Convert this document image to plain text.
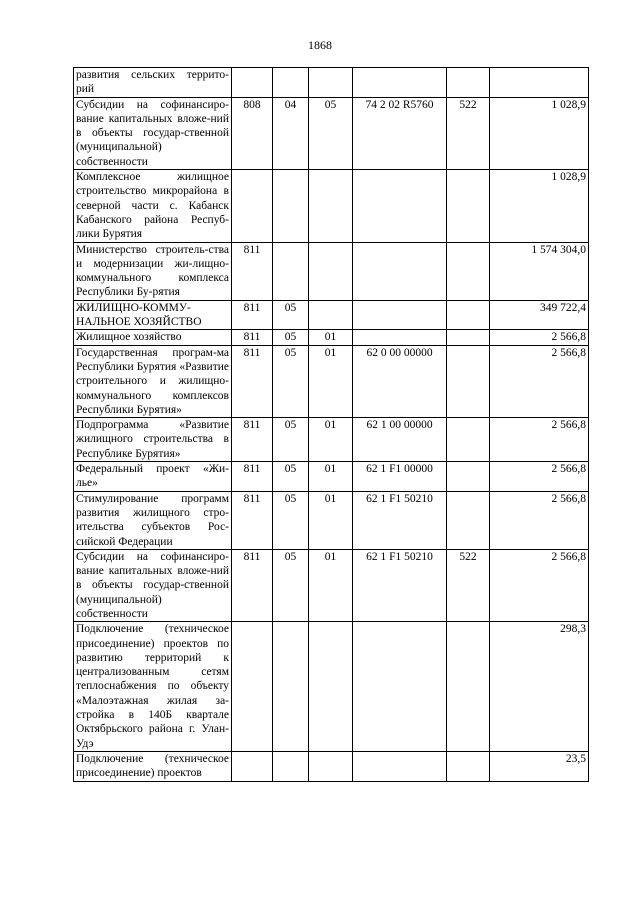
1868
развития сельских террито-рий						
Субсидии на софинансиро-вание капитальных вложе-ний в объекты государ-ственной (муниципальной) собственности	808	04	05	74 2 02 R5760	522	1 028,9
Комплексное жилищное строительство микрорайона в северной части с. Кабанск Кабанского района Респуб-лики Бурятия						1 028,9
Министерство строитель-ства и модернизации жи-лищно-коммунального комплекса Республики Бу-рятия	811					1 574 304,0
ЖИЛИЩНО-КОММУ-НАЛЬНОЕ ХОЗЯЙСТВО	811	05				349 722,4
Жилищное хозяйство	811	05	01			2 566,8
Государственная програм-ма Республики Бурятия «Развитие строительного и жилищно-коммунального комплексов Республики Бурятия»	811	05	01	62 0 00 00000		2 566,8
Подпрограмма «Развитие жилищного строительства в Республике Бурятия»	811	05	01	62 1 00 00000		2 566,8
Федеральный проект «Жи-лье»	811	05	01	62 1 F1 00000		2 566,8
Стимулирование программ развития жилищного стро-ительства субъектов Рос-сийской Федерации	811	05	01	62 1 F1 50210		2 566,8
Субсидии на софинансиро-вание капитальных вложе-ний в объекты государ-ственной (муниципальной) собственности	811	05	01	62 1 F1 50210	522	2 566,8
Подключение (техническое присоединение) проектов по развитию территорий к централизованным сетям теплоснабжения по объекту «Малоэтажная жилая за-стройка в 140Б квартале Октябрьского района г. Улан-Удэ						298,3
Подключение (техническое присоединение) проектов						23,5
